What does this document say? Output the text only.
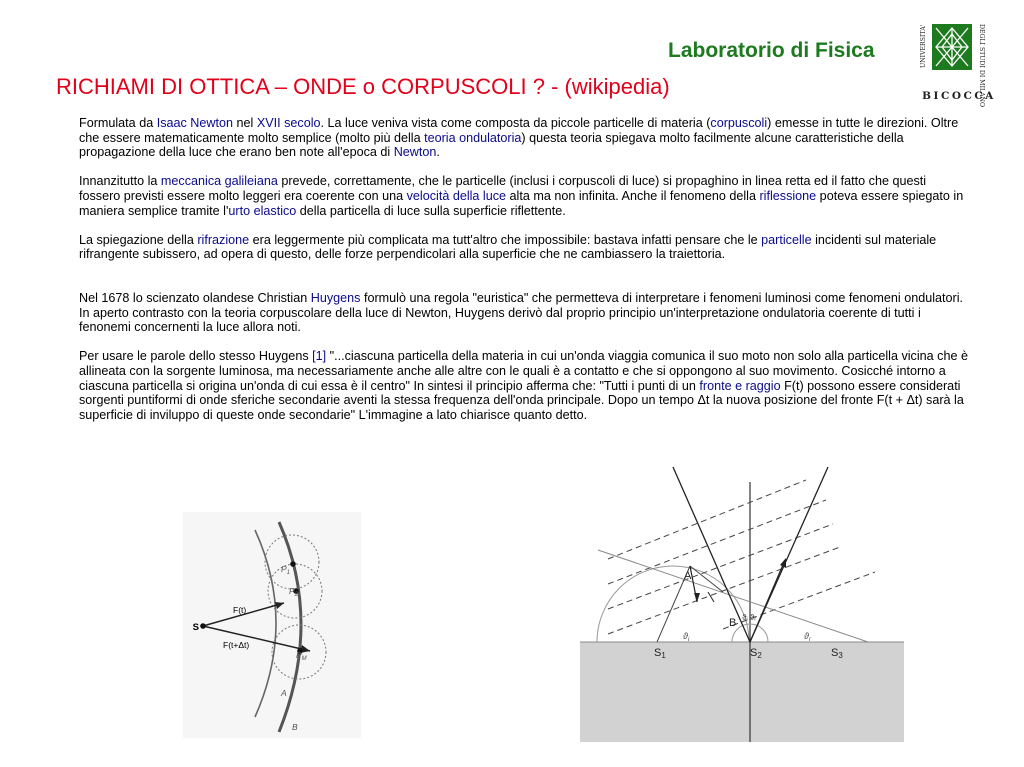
Laboratorio di Fisica	UNIVERSITA'	DEGLI STUDI DI MILANO
BICOCCA
RICHIAMI DI OTTICA – ONDE o CORPUSCOLI ? - (wikipedia)

Formulata da Isaac Newton nel XVII secolo. La luce veniva vista come composta da piccole particelle di materia (corpuscoli) emesse in tutte le direzioni. Oltre che essere matematicamente molto semplice (molto più della teoria ondulatoria) questa teoria spiegava molto facilmente alcune caratteristiche della propagazione della luce che erano ben note all'epoca di Newton.

Innanzitutto la meccanica galileiana prevede, correttamente, che le particelle (inclusi i corpuscoli di luce) si propaghino in linea retta ed il fatto che questi fossero previsti essere molto leggeri era coerente con una velocità della luce alta ma non infinita. Anche il fenomeno della riflessione poteva essere spiegato in maniera semplice tramite l'urto elastico della particella di luce sulla superficie riflettente.

La spiegazione della rifrazione era leggermente più complicata ma tutt'altro che impossibile: bastava infatti pensare che le particelle incidenti sul materiale rifrangente subissero, ad opera di questo, delle forze perpendicolari alla superficie che ne cambiassero la traiettoria.

Nel 1678 lo scienzato olandese Christian Huygens formulò una regola "euristica" che permetteva di interpretare i fenomeni luminosi come fenomeni ondulatori. In aperto contrasto con la teoria corpuscolare della luce di Newton, Huygens derivò dal proprio principio un'interpretazione ondulatoria coerente di tutti i fenonemi concernenti la luce allora noti.

Per usare le parole dello stesso Huygens [1] "...ciascuna particella della materia in cui un'onda viaggia comunica il suo moto non solo alla particella vicina che è allineata con la sorgente luminosa, ma necessariamente anche alle altre con le quali è a contatto e che si oppongono al suo movimento. Cosicché intorno a ciascuna particella si origina un'onda di cui essa è il centro" In sintesi il principio afferma che: "Tutti i punti di un fronte e raggio F(t) possono essere considerati sorgenti puntiformi di onde sferiche secondarie aventi la stessa frequenza dell'onda principale. Dopo un tempo Δt la nuova posizione del fronte F(t + Δt) sarà la superficie di inviluppo di queste onde secondarie" L'immagine a lato chiarisce quanto detto.

S
F(t)
F(t+Δt)
$P_1$
$P_2$
$P_M$
A
B
A
B ϑᵢ ϑᵣ
S1	S2	S3
$ϑ_i$	$ϑ_r$
